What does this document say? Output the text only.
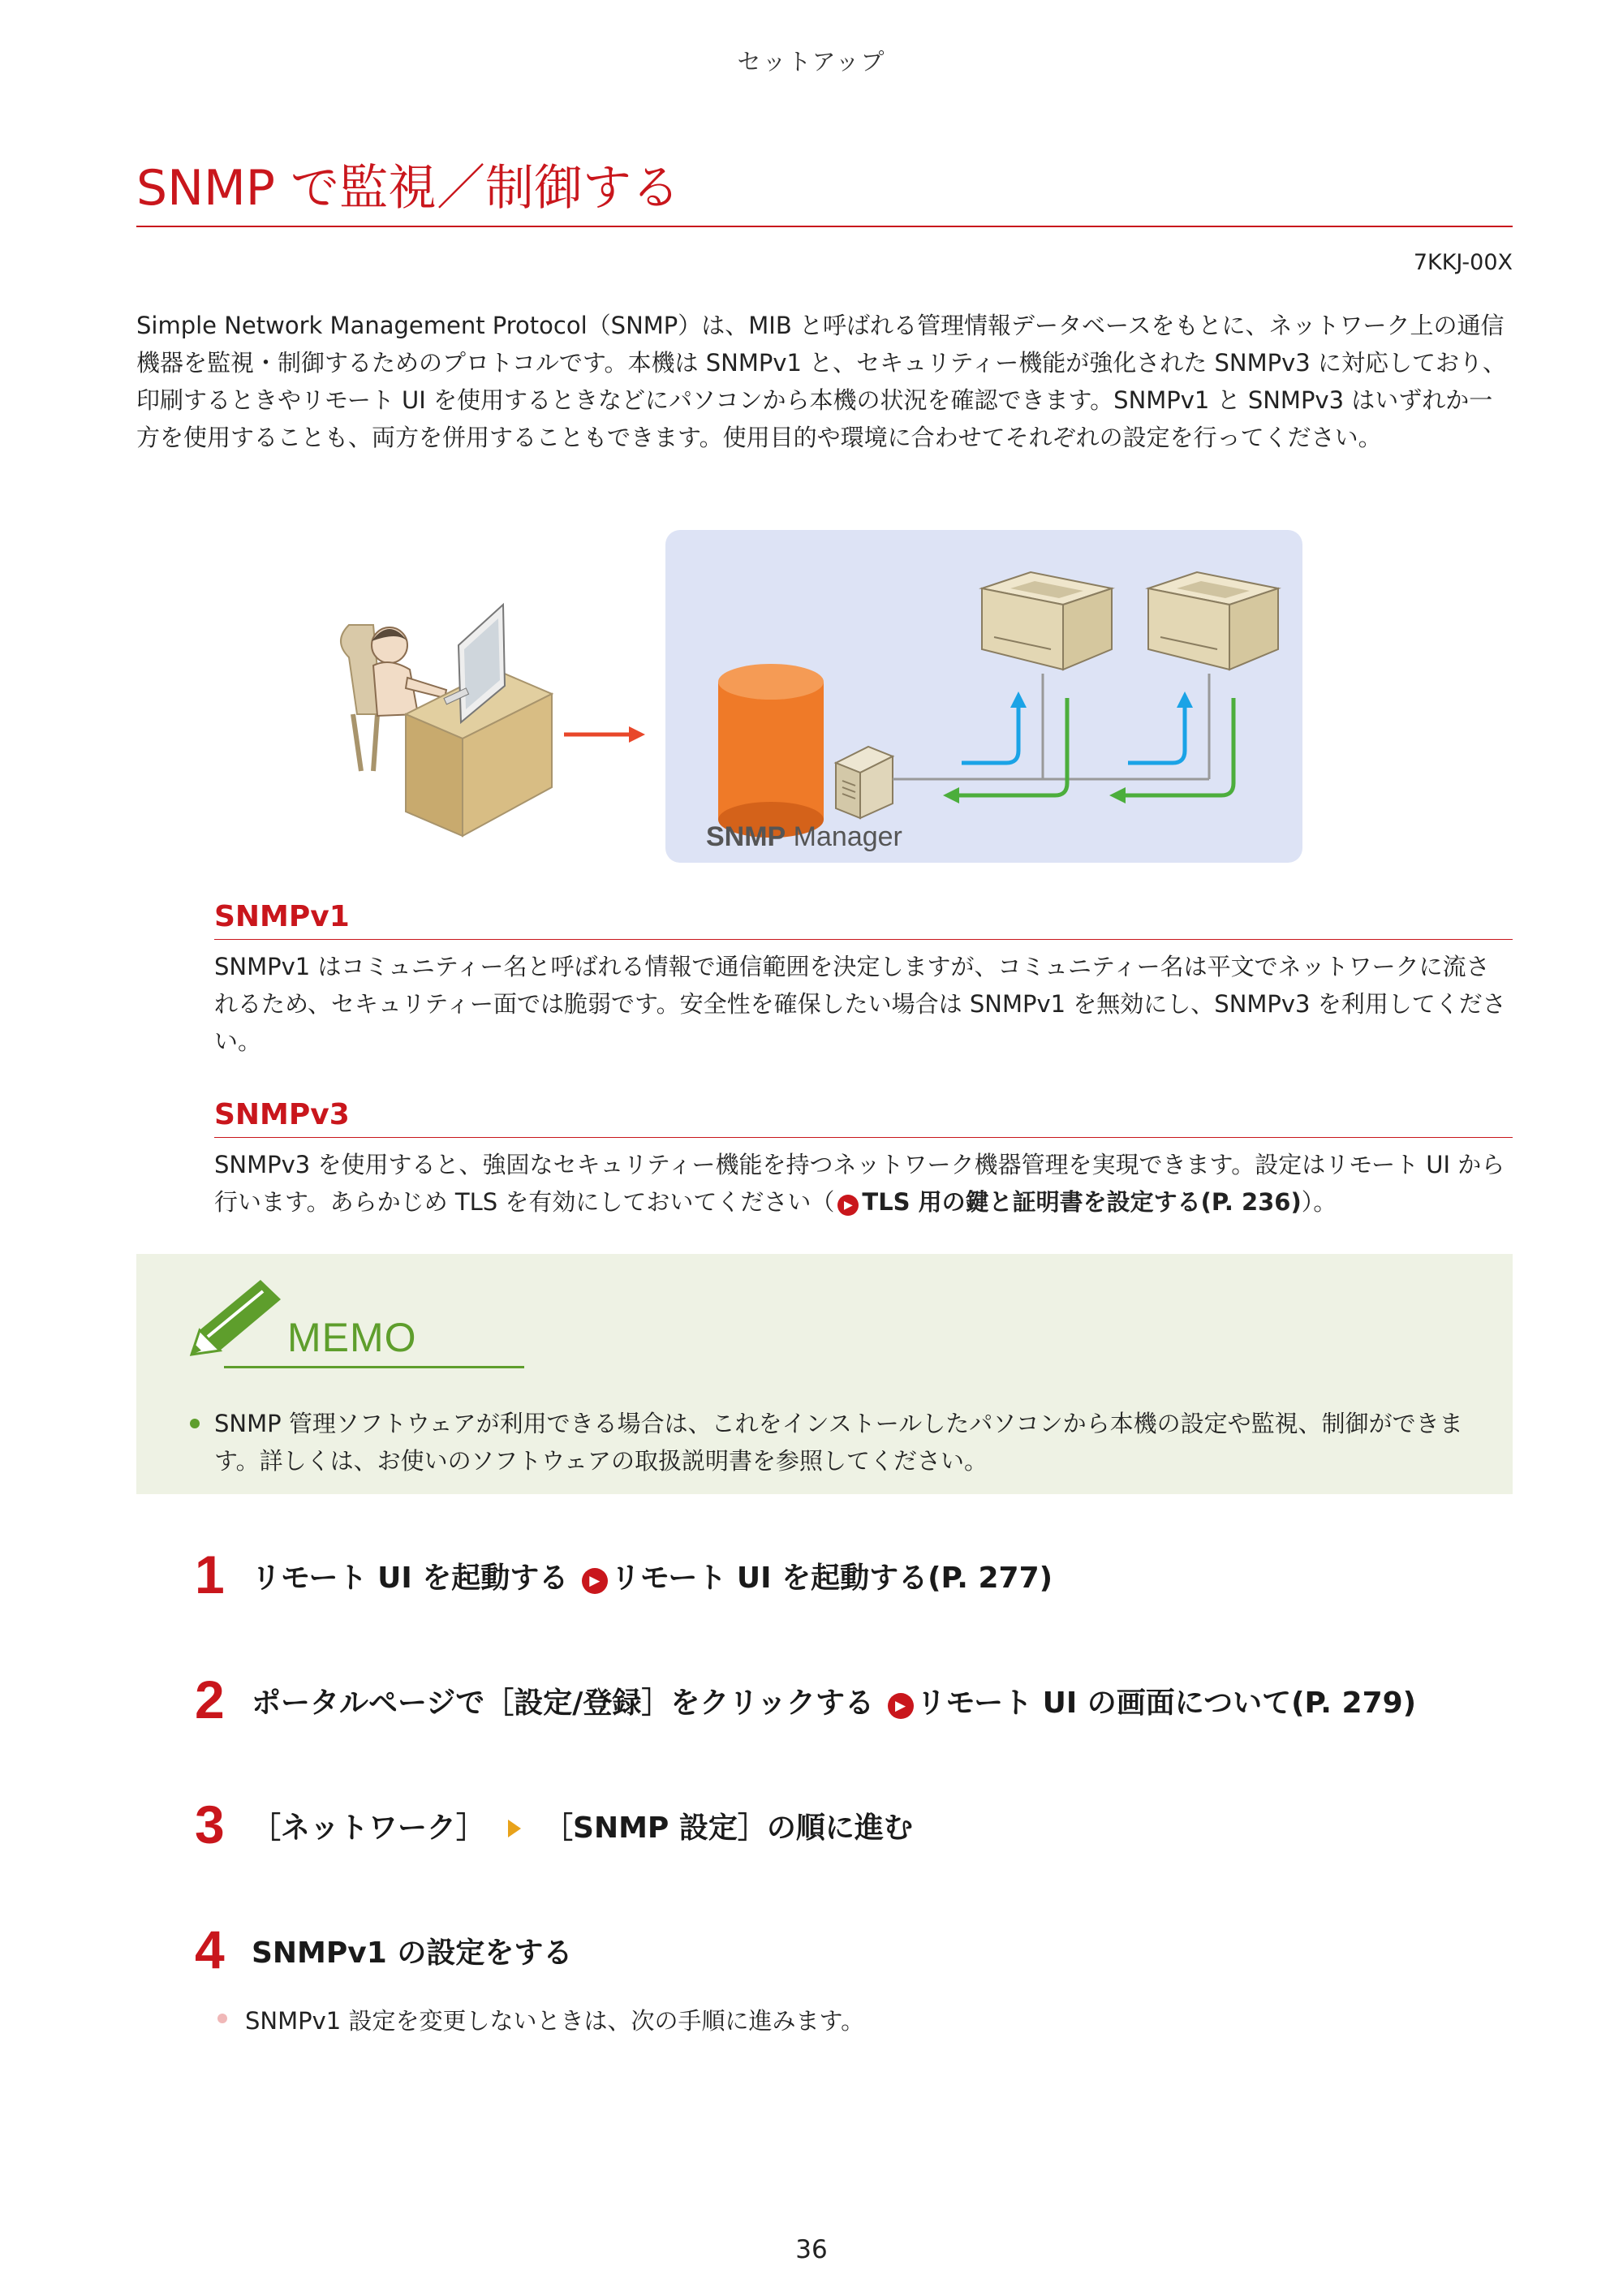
セットアップ
SNMP で監視／制御する
7KKJ-00X

Simple Network Management Protocol（SNMP）は、MIB と呼ばれる管理情報データベースをもとに、ネットワーク上の通信機器を監視・制御するためのプロトコルです。本機は SNMPv1 と、セキュリティー機能が強化された SNMPv3 に対応しており、印刷するときやリモート UI を使用するときなどにパソコンから本機の状況を確認できます。SNMPv1 と SNMPv3 はいずれか一方を使用することも、両方を併用することもできます。使用目的や環境に合わせてそれぞれの設定を行ってください。

SNMP Manager
SNMPv1

SNMPv1 はコミュニティー名と呼ばれる情報で通信範囲を決定しますが、コミュニティー名は平文でネットワークに流されるため、セキュリティー面では脆弱です。安全性を確保したい場合は SNMPv1 を無効にし、SNMPv3 を利用してください。

SNMPv3

SNMPv3 を使用すると、強固なセキュリティー機能を持つネットワーク機器管理を実現できます。設定はリモート UI から行います。あらかじめ TLS を有効にしておいてください（ ▶ TLS 用の鍵と証明書を設定する(P. 236)）。

MEMO
SNMP 管理ソフトウェアが利用できる場合は、これをインストールしたパソコンから本機の設定や監視、制御ができます。詳しくは、お使いのソフトウェアの取扱説明書を参照してください。
1 リモート UI を起動する ▶ リモート UI を起動する(P. 277)
2 ポータルページで［設定/登録］をクリックする ▶ リモート UI の画面について(P. 279)
3 ［ネットワーク］ ［SNMP 設定］の順に進む
4 SNMPv1 の設定をする
SNMPv1 設定を変更しないときは、次の手順に進みます。
36
